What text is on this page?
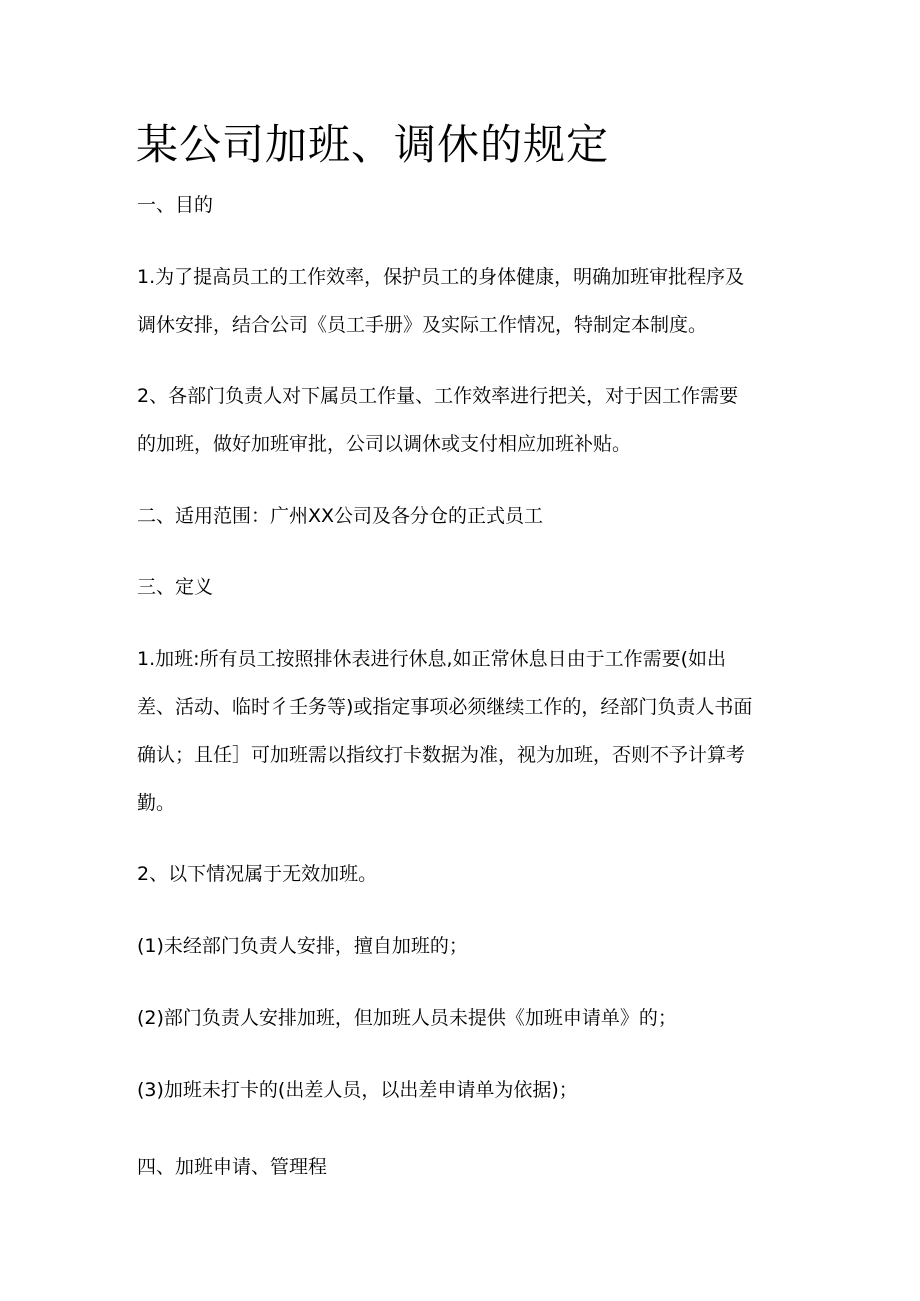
某公司加班、调休的规定

一、目的

1.为了提高员工的工作效率，保护员工的身体健康，明确加班审批程序及

调休安排，结合公司《员工手册》及实际工作情况，特制定本制度。

2、各部门负责人对下属员工作量、工作效率进行把关，对于因工作需要

的加班，做好加班审批，公司以调休或支付相应加班补贴。

二、适用范围：广州XX公司及各分仓的正式员工

三、定义

1.加班:所有员工按照排休表进行休息,如正常休息日由于工作需要(如出

差、活动、临时彳壬务等)或指定事项必须继续工作的，经部门负责人书面

确认；且任］可加班需以指纹打卡数据为准，视为加班，否则不予计算考

勤。

2、以下情况属于无效加班。

(1)未经部门负责人安排，擅自加班的；

(2)部门负责人安排加班，但加班人员未提供《加班申请单》的；

(3)加班未打卡的(出差人员，以出差申请单为依据)；

四、加班申请、管理程
